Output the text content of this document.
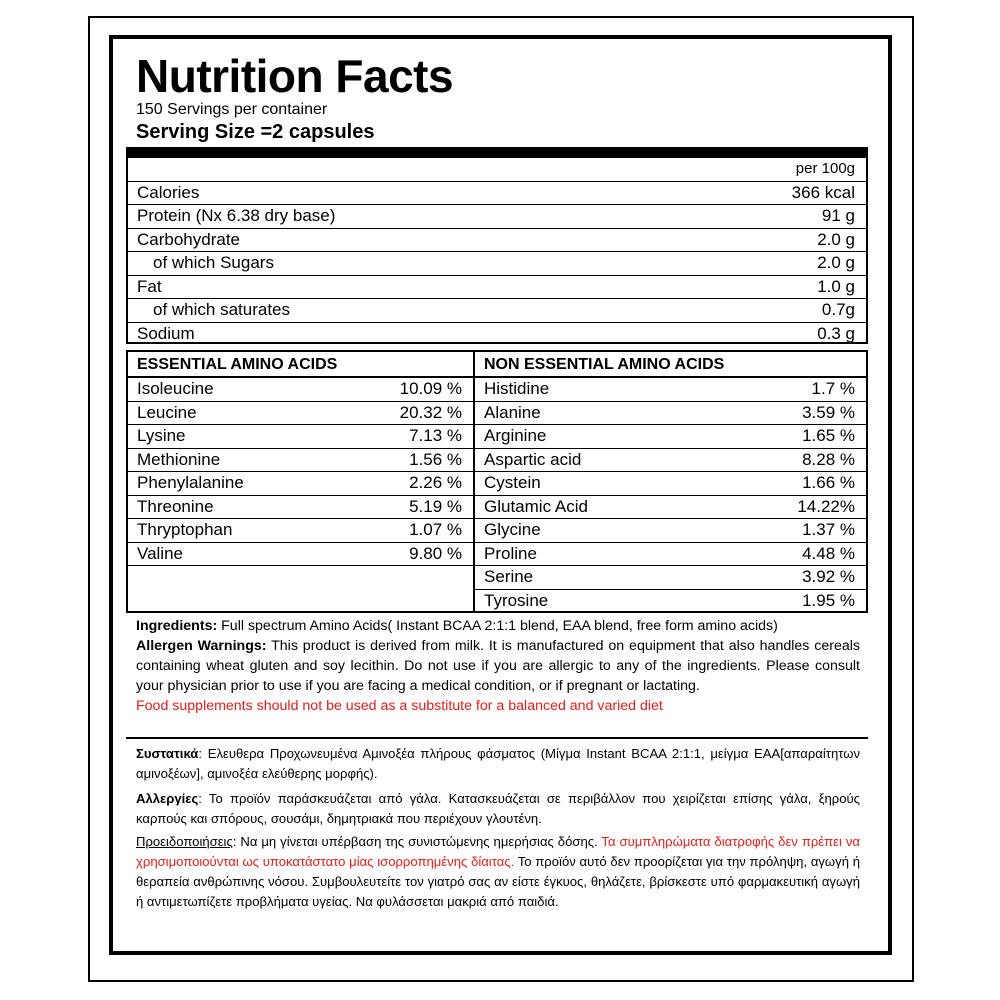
Nutrition Facts
150 Servings per container
Serving Size =2 capsules
per 100g
Calories	366 kcal
Protein (Nx 6.38 dry base)	91 g
Carbohydrate	2.0 g
of which Sugars	2.0 g
Fat	1.0 g
of which saturates	0.7g
Sodium	0.3 g
ESSENTIAL AMINO ACIDS
Isoleucine	10.09 %
Leucine	20.32 %
Lysine	7.13 %
Methionine	1.56 %
Phenylalanine	2.26 %
Threonine	5.19 %
Thryptophan	1.07 %
Valine	9.80 %
NON ESSENTIAL AMINO ACIDS
Histidine	1.7 %
Alanine	3.59 %
Arginine	1.65 %
Aspartic acid	8.28 %
Cystein	1.66 %
Glutamic Acid	14.22%
Glycine	1.37 %
Proline	4.48 %
Serine	3.92 %
Tyrosine	1.95 %
Ingredients: Full spectrum Amino Acids( Instant BCAA 2:1:1 blend, EAA blend, free form amino acids)
Allergen Warnings: This product is derived from milk. It is manufactured on equipment that also handles cereals containing wheat gluten and soy lecithin. Do not use if you are allergic to any of the ingredients. Please consult your physician prior to use if you are facing a medical condition, or if pregnant or lactating.
Food supplements should not be used as a substitute for a balanced and varied diet
Συστατικά: Ελευθερα Προχωνευμένα Αμινοξέα πλήρους φάσματος (Μίγμα Instant BCAA 2:1:1, μείγμα ΕΑΑ[απαραίτητων αμινοξέων], αμινοξέα ελεύθερης μορφής).
Αλλεργίες: Το προϊόν παράσκευάζεται από γάλα. Κατασκευάζεται σε περιβάλλον που χειρίζεται επίσης γάλα, ξηρούς καρπούς και σπόρους, σουσάμι, δημητριακά που περιέχουν γλουτένη.
Προειδοποιήσεις: Να μη γίνεται υπέρβαση της συνιστώμενης ημερήσιας δόσης. Τα συμπληρώματα διατροφής δεν πρέπει να χρησιμοποιούνται ως υποκατάστατο μίας ισορροπημένης δίαιτας. Το προϊόν αυτό δεν προορίζεται για την πρόληψη, αγωγή ή θεραπεία ανθρώπινης νόσου. Συμβουλευτείτε τον γιατρό σας αν είστε έγκυος, θηλάζετε, βρίσκεστε υπό φαρμακευτική αγωγή ή αντιμετωπίζετε προβλήματα υγείας. Να φυλάσσεται μακριά από παιδιά.
